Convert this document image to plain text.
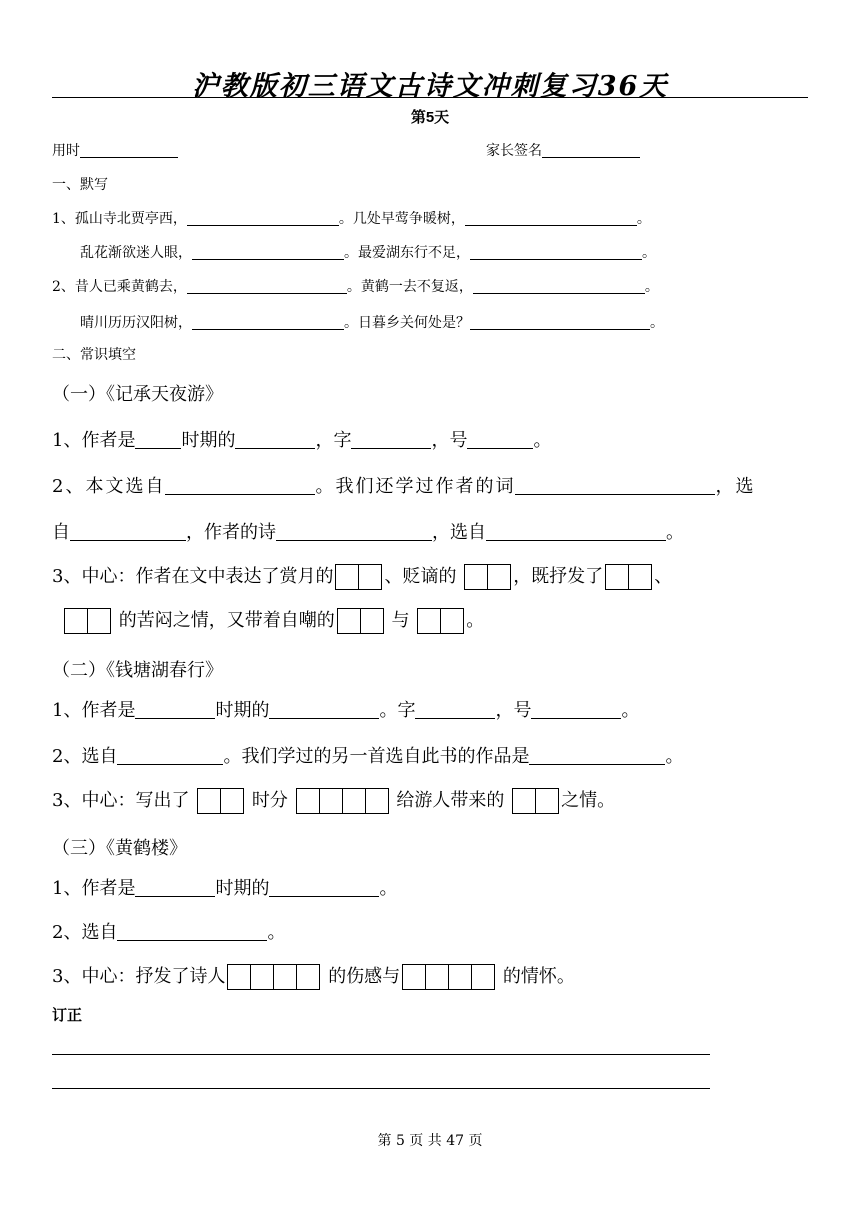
沪教版初三语文古诗文冲刺复习36天
第5天
用时	家长签名
一、默写
1、孤山寺北贾亭西，	。几处早莺争暖树，	。
乱花渐欲迷人眼，	。最爱湖东行不足，	。
2、昔人已乘黄鹤去，	。黄鹤一去不复返，	。
晴川历历汉阳树，	。日暮乡关何处是？	。
二、常识填空
（一）《记承天夜游》
1、作者是	时期的	，字	，号	。
2、本文选自	。我们还学过作者的词	，选
自	，作者的诗	，选自	。
3、中心：作者在文中表达了赏月的	、贬谪的	，既抒发了	、
的苦闷之情，又带着自嘲的	与	。
（二）《钱塘湖春行》
1、作者是	时期的	。字	，号	。
2、选自	。我们学过的另一首选自此书的作品是	。
3、中心：写出了	时分	给游人带来的	之情。
（三）《黄鹤楼》
1、作者是	时期的	。
2、选自	。
3、中心：抒发了诗人	的伤感与	的情怀。
订正
第 5 页 共 47 页
